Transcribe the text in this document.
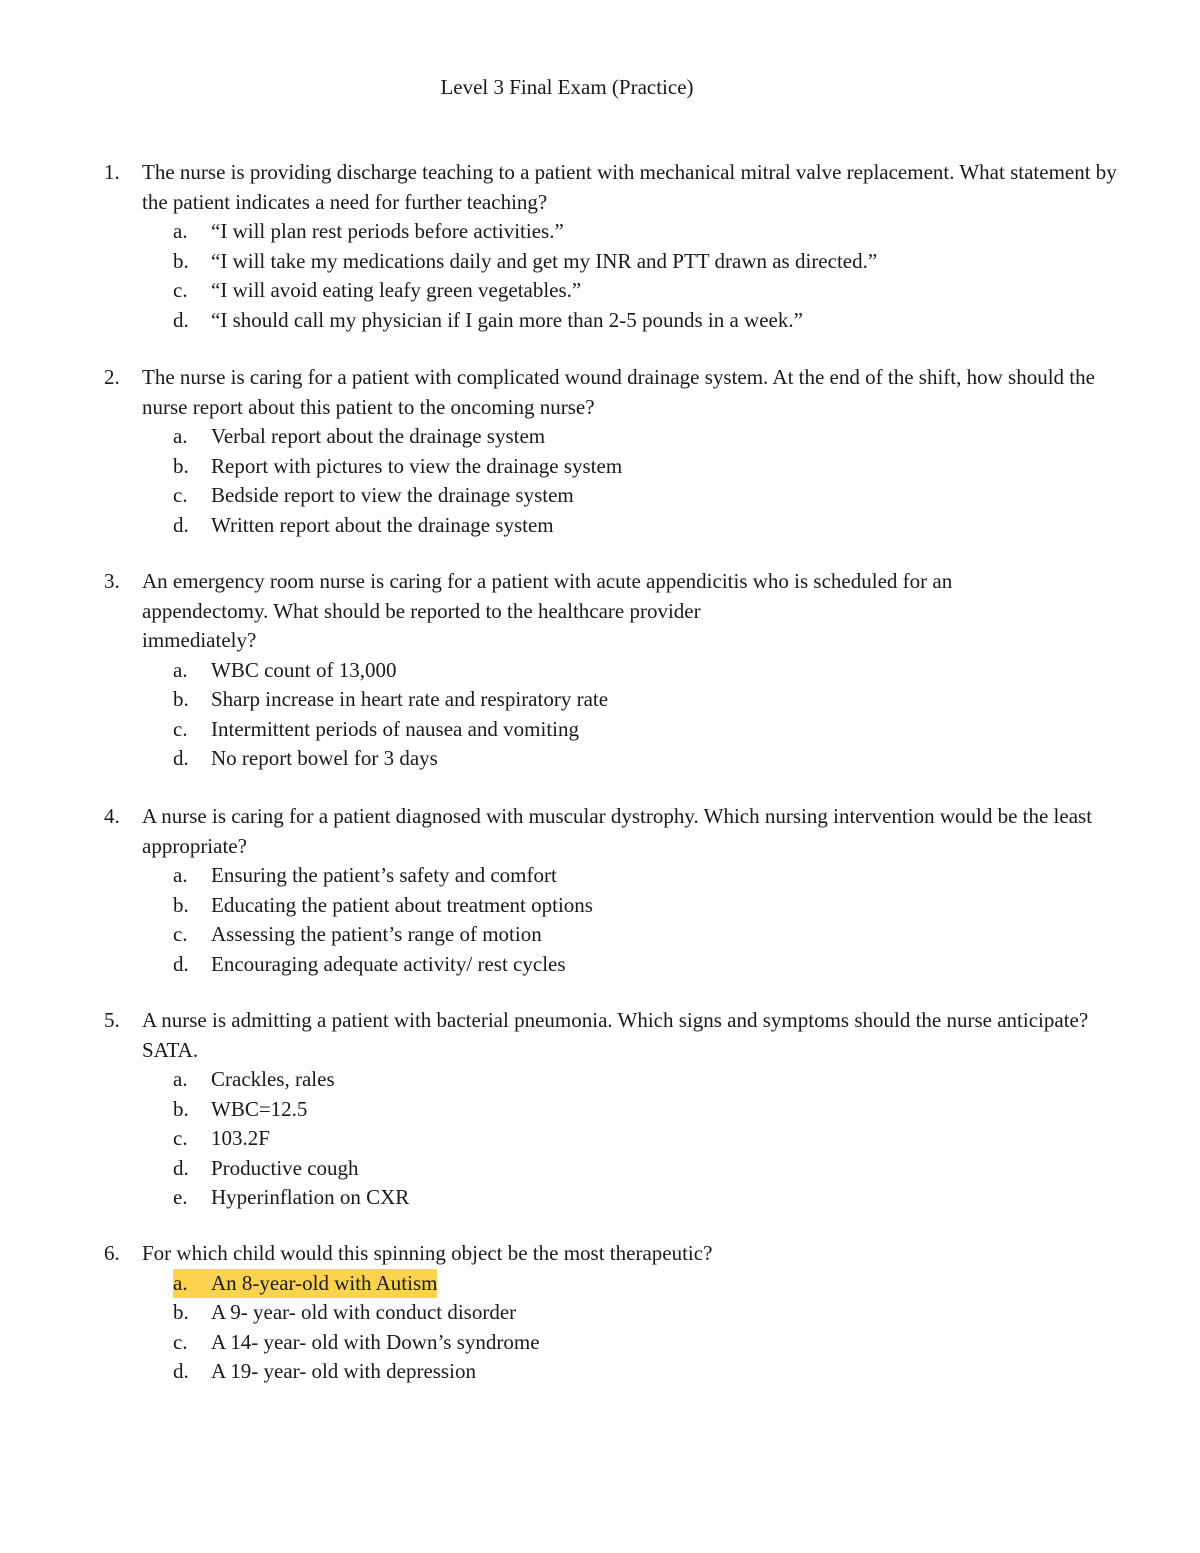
Level 3 Final Exam (Practice)
1.	The nurse is providing discharge teaching to a patient with mechanical mitral valve replacement. What statement by the patient indicates a need for further teaching?
a.	“I will plan rest periods before activities.”
b.	“I will take my medications daily and get my INR and PTT drawn as directed.”
c.	“I will avoid eating leafy green vegetables.”
d.	“I should call my physician if I gain more than 2-5 pounds in a week.”
2.	The nurse is caring for a patient with complicated wound drainage system. At the end of the shift, how should the nurse report about this patient to the oncoming nurse?
a.	Verbal report about the drainage system
b.	Report with pictures to view the drainage system
c.	Bedside report to view the drainage system
d.	Written report about the drainage system
3.	An emergency room nurse is caring for a patient with acute appendicitis who is scheduled for an
appendectomy. What should be reported to the healthcare provider
immediately?
a.	WBC count of 13,000
b.	Sharp increase in heart rate and respiratory rate
c.	Intermittent periods of nausea and vomiting
d.	No report bowel for 3 days
4.	A nurse is caring for a patient diagnosed with muscular dystrophy. Which nursing intervention would be the least appropriate?
a.	Ensuring the patient’s safety and comfort
b.	Educating the patient about treatment options
c.	Assessing the patient’s range of motion
d.	Encouraging adequate activity/ rest cycles
5.	A nurse is admitting a patient with bacterial pneumonia. Which signs and symptoms should the nurse anticipate? SATA.
a.	Crackles, rales
b.	WBC=12.5
c.	103.2F
d.	Productive cough
e.	Hyperinflation on CXR
6.	For which child would this spinning object be the most therapeutic?
a. An 8-year-old with Autism
b.	A 9- year- old with conduct disorder
c.	A 14- year- old with Down’s syndrome
d.	A 19- year- old with depression
